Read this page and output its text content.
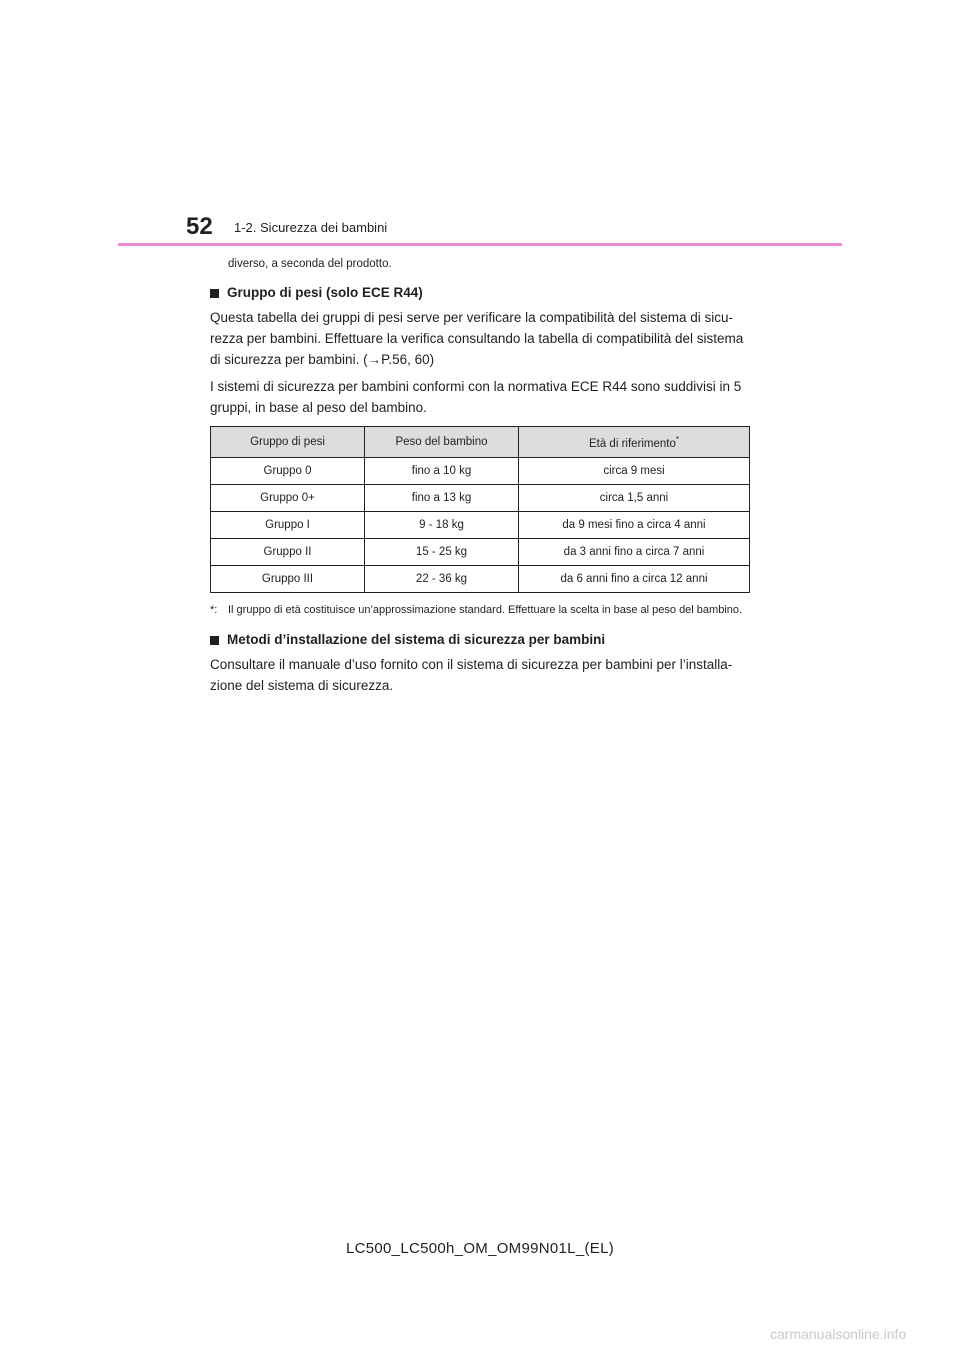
52 1-2. Sicurezza dei bambini

diverso, a seconda del prodotto.

Gruppo di pesi (solo ECE R44)

Questa tabella dei gruppi di pesi serve per verificare la compatibilità del sistema di sicu- rezza per bambini. Effettuare la verifica consultando la tabella di compatibilità del sistema di sicurezza per bambini. (→P.56, 60)

I sistemi di sicurezza per bambini conformi con la normativa ECE R44 sono suddivisi in 5 gruppi, in base al peso del bambino.

Gruppo di pesi	Peso del bambino	Età di riferimento*
Gruppo 0	fino a 10 kg	circa 9 mesi
Gruppo 0+	fino a 13 kg	circa 1,5 anni
Gruppo I	9 - 18 kg	da 9 mesi fino a circa 4 anni
Gruppo II	15 - 25 kg	da 3 anni fino a circa 7 anni
Gruppo III	22 - 36 kg	da 6 anni fino a circa 12 anni
*: Il gruppo di età costituisce un’approssimazione standard. Effettuare la scelta in base al peso del bambino.
Metodi d’installazione del sistema di sicurezza per bambini

Consultare il manuale d’uso fornito con il sistema di sicurezza per bambini per l’installa- zione del sistema di sicurezza.

LC500_LC500h_OM_OM99N01L_(EL)
carmanualsonline.info
